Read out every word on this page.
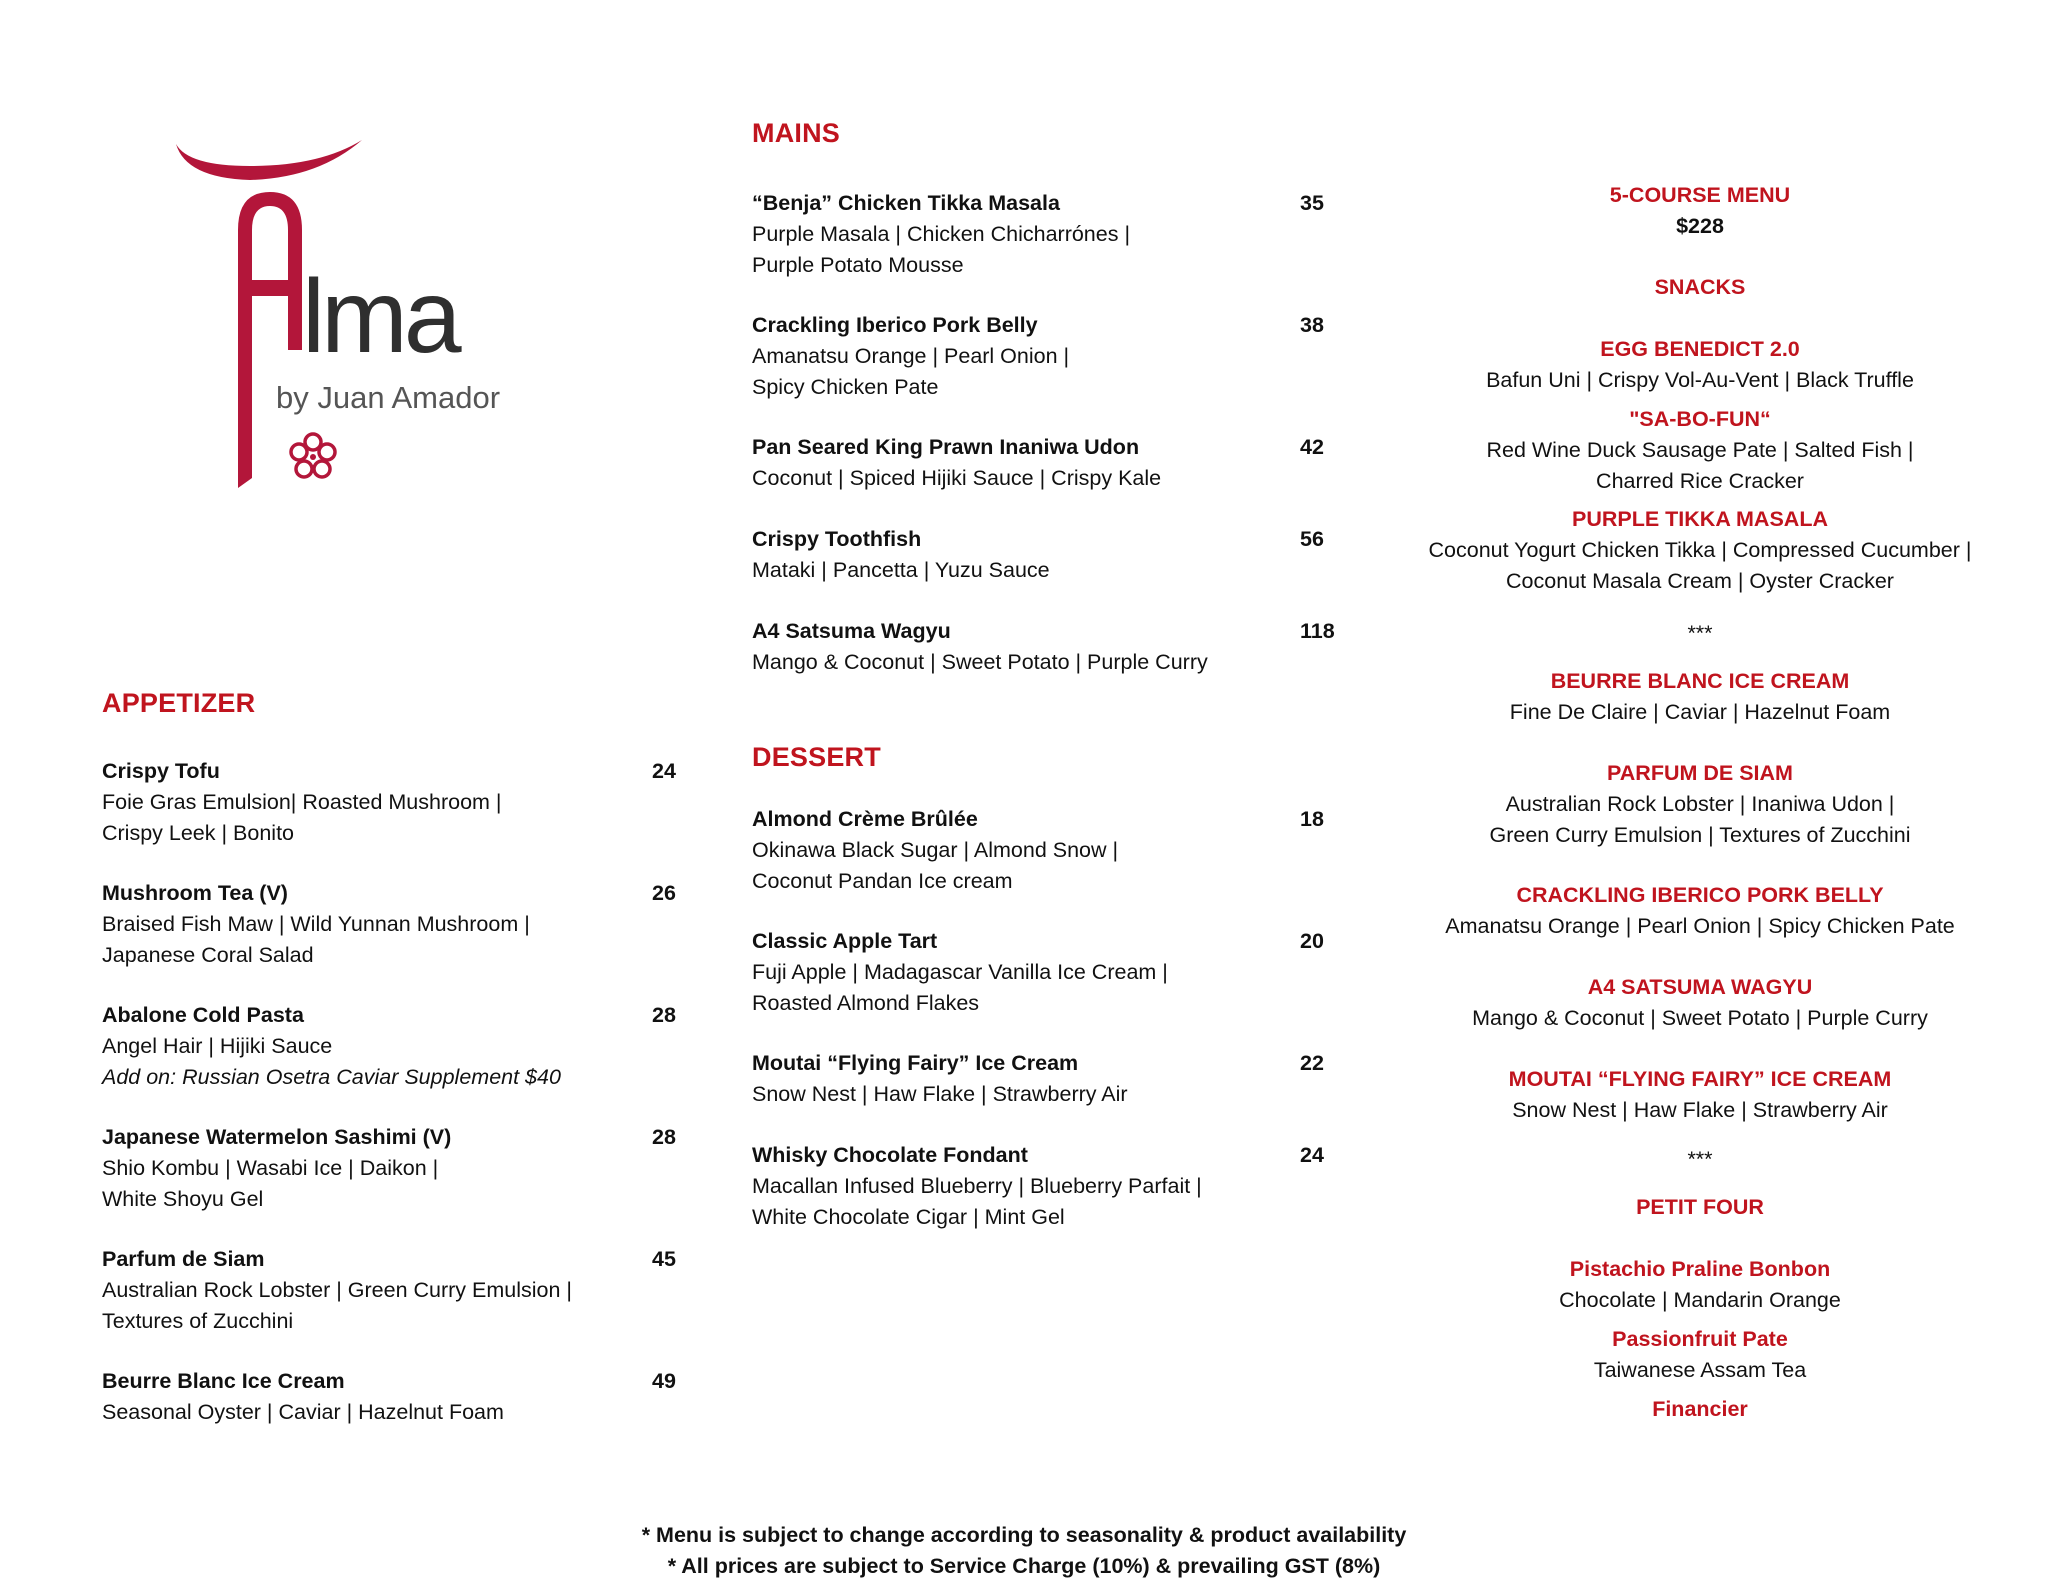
lma
by Juan Amador
APPETIZER
Crispy Tofu
Foie Gras Emulsion| Roasted Mushroom |
Crispy Leek | Bonito
24
Mushroom Tea (V)
Braised Fish Maw | Wild Yunnan Mushroom |
Japanese Coral Salad
26
Abalone Cold Pasta
Angel Hair | Hijiki Sauce
Add on: Russian Osetra Caviar Supplement $40
28
Japanese Watermelon Sashimi (V)
Shio Kombu | Wasabi Ice | Daikon |
White Shoyu Gel
28
Parfum de Siam
Australian Rock Lobster | Green Curry Emulsion |
Textures of Zucchini
45
Beurre Blanc Ice Cream
Seasonal Oyster | Caviar | Hazelnut Foam
49
MAINS
“Benja” Chicken Tikka Masala
Purple Masala | Chicken Chicharrónes |
Purple Potato Mousse
35
Crackling Iberico Pork Belly
Amanatsu Orange | Pearl Onion |
Spicy Chicken Pate
38
Pan Seared King Prawn Inaniwa Udon
Coconut | Spiced Hijiki Sauce | Crispy Kale
42
Crispy Toothfish
Mataki | Pancetta | Yuzu Sauce
56
A4 Satsuma Wagyu
Mango & Coconut | Sweet Potato | Purple Curry
118
DESSERT
Almond Crème Brûlée
Okinawa Black Sugar | Almond Snow |
Coconut Pandan Ice cream
18
Classic Apple Tart
Fuji Apple | Madagascar Vanilla Ice Cream |
Roasted Almond Flakes
20
Moutai “Flying Fairy” Ice Cream
Snow Nest | Haw Flake | Strawberry Air
22
Whisky Chocolate Fondant
Macallan Infused Blueberry | Blueberry Parfait |
White Chocolate Cigar | Mint Gel
24
5-COURSE MENU
$228
SNACKS
EGG BENEDICT 2.0
Bafun Uni | Crispy Vol-Au-Vent | Black Truffle
"SA-BO-FUN“
Red Wine Duck Sausage Pate | Salted Fish |
Charred Rice Cracker
PURPLE TIKKA MASALA
Coconut Yogurt Chicken Tikka | Compressed Cucumber |
Coconut Masala Cream | Oyster Cracker
***
BEURRE BLANC ICE CREAM
Fine De Claire | Caviar | Hazelnut Foam
PARFUM DE SIAM
Australian Rock Lobster | Inaniwa Udon |
Green Curry Emulsion | Textures of Zucchini
CRACKLING IBERICO PORK BELLY
Amanatsu Orange | Pearl Onion | Spicy Chicken Pate
A4 SATSUMA WAGYU
Mango & Coconut | Sweet Potato | Purple Curry
MOUTAI “FLYING FAIRY” ICE CREAM
Snow Nest | Haw Flake | Strawberry Air
***
PETIT FOUR
Pistachio Praline Bonbon
Chocolate | Mandarin Orange
Passionfruit Pate
Taiwanese Assam Tea
Financier
* Menu is subject to change according to seasonality & product availability
* All prices are subject to Service Charge (10%) & prevailing GST (8%)
